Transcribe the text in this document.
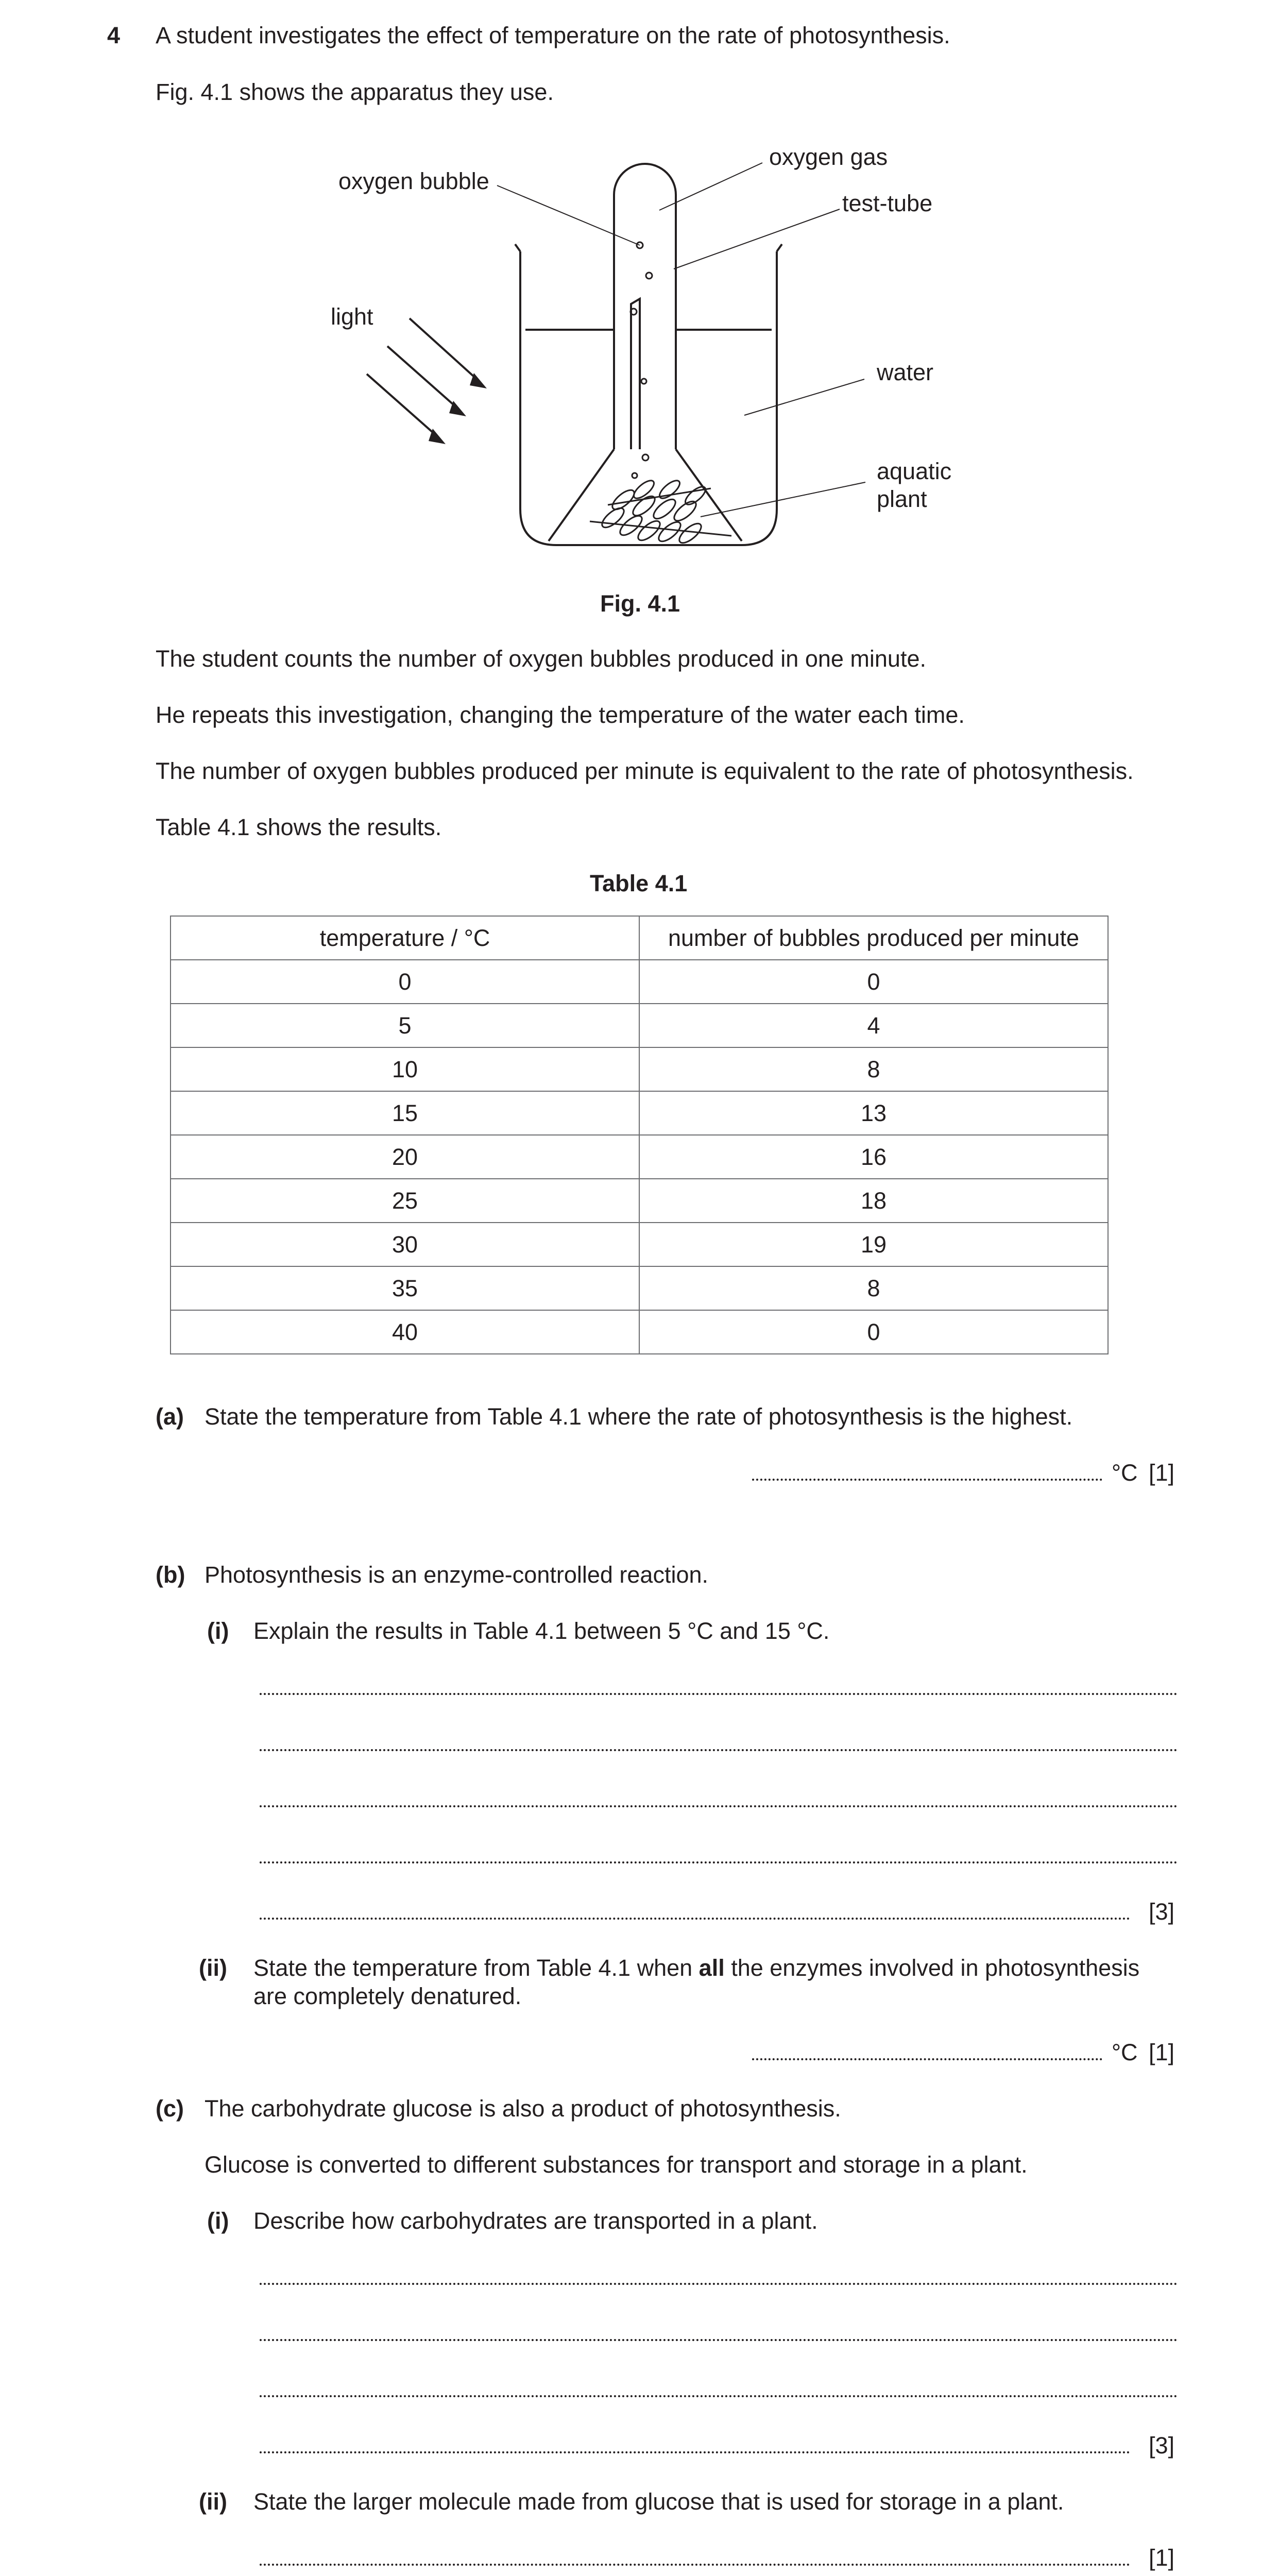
4 A student investigates the effect of temperature on the rate of photosynthesis.
Fig. 4.1 shows the apparatus they use.
oxygen bubble
oxygen gas
test-tube
light
water
aquatic
plant
Fig. 4.1
The student counts the number of oxygen bubbles produced in one minute.
He repeats this investigation, changing the temperature of the water each time.
The number of oxygen bubbles produced per minute is equivalent to the rate of photosynthesis.
Table 4.1 shows the results.
Table 4.1
temperature / °C	number of bubbles produced per minute
0	0
5	4
10	8
15	13
20	16
25	18
30	19
35	8
40	0
(a) State the temperature from Table 4.1 where the rate of photosynthesis is the highest.
°C [1]
(b) Photosynthesis is an enzyme-controlled reaction.
(i) Explain the results in Table 4.1 between 5 °C and 15 °C.
[3]
(ii) State the temperature from Table 4.1 when all the enzymes involved in photosynthesis
are completely denatured.
°C [1]
(c) The carbohydrate glucose is also a product of photosynthesis.
Glucose is converted to different substances for transport and storage in a plant.
(i) Describe how carbohydrates are transported in a plant.
[3]
(ii) State the larger molecule made from glucose that is used for storage in a plant.
[1]
